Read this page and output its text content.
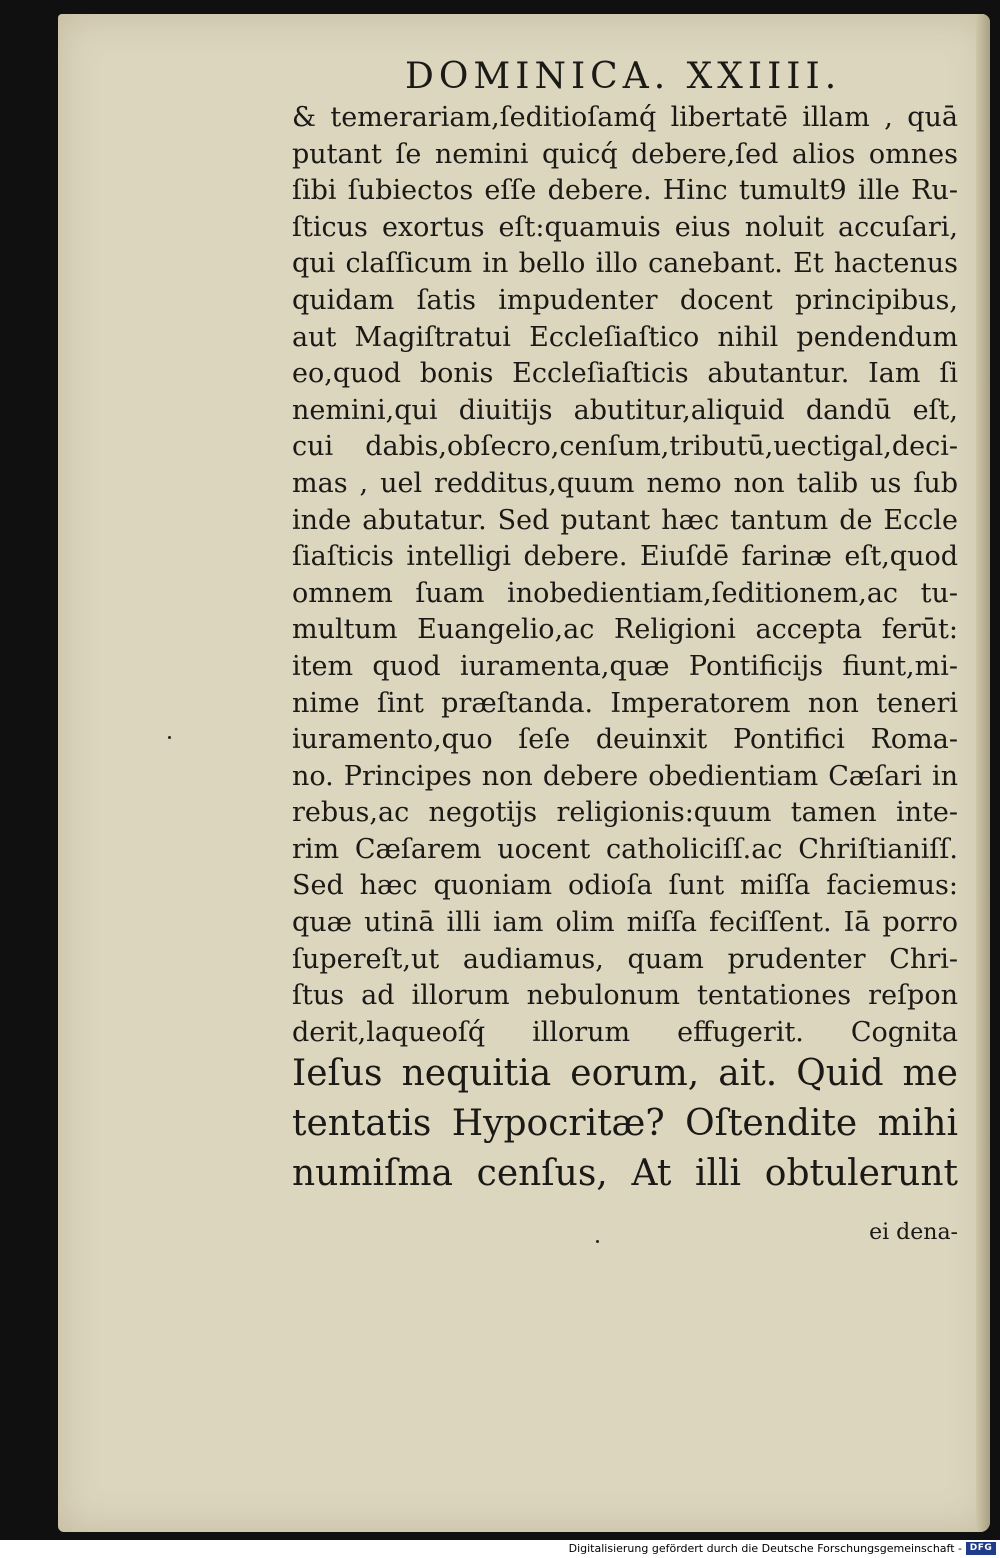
DOMINICA. XXIIII.
& temerariam,ſeditioſamq́ libertatē illam , quā
putant ſe nemini quicq́ debere,ſed alios omnes
ſibi ſubiectos eſſe debere. Hinc tumult9 ille Ru-
ſticus exortus eſt:quamuis eius noluit accuſari,
qui claſſicum in bello illo canebant. Et hactenus
quidam ſatis impudenter docent principibus,
aut Magiſtratui Eccleſiaſtico nihil pendendum
eo,quod bonis Eccleſiaſticis abutantur. Iam ſi
nemini,qui diuitijs abutitur,aliquid dandū eſt,
cui dabis,obſecro,cenſum,tributū,uectigal,deci-
mas , uel redditus,quum nemo non talib us ſub
inde abutatur. Sed putant hæc tantum de Eccle
ſiaſticis intelligi debere. Eiuſdē farinæ eſt,quod
omnem ſuam inobedientiam,ſeditionem,ac tu-
multum Euangelio,ac Religioni accepta ferūt:
item quod iuramenta,quæ Pontificijs fiunt,mi-
nime ſint præſtanda. Imperatorem non teneri
iuramento,quo ſeſe deuinxit Pontifici Roma-
no. Principes non debere obedientiam Cæſari in
rebus,ac negotijs religionis:quum tamen inte-
rim Cæſarem uocent catholiciſſ.ac Chriſtianiſſ.
Sed hæc quoniam odioſa ſunt miſſa faciemus:
quæ utinā illi iam olim miſſa feciſſent. Iā porro
ſupereſt,ut audiamus, quam prudenter Chri-
ſtus ad illorum nebulonum tentationes reſpon
derit,laqueoſq́ illorum effugerit. Cognita
Ieſus nequitia eorum, ait. Quid me
tentatis Hypocritæ? Oſtendite mihi
numiſma cenſus, At illi obtulerunt
ei dena-
Digitalisierung gefördert durch die Deutsche Forschungsgemeinschaft - DFG
